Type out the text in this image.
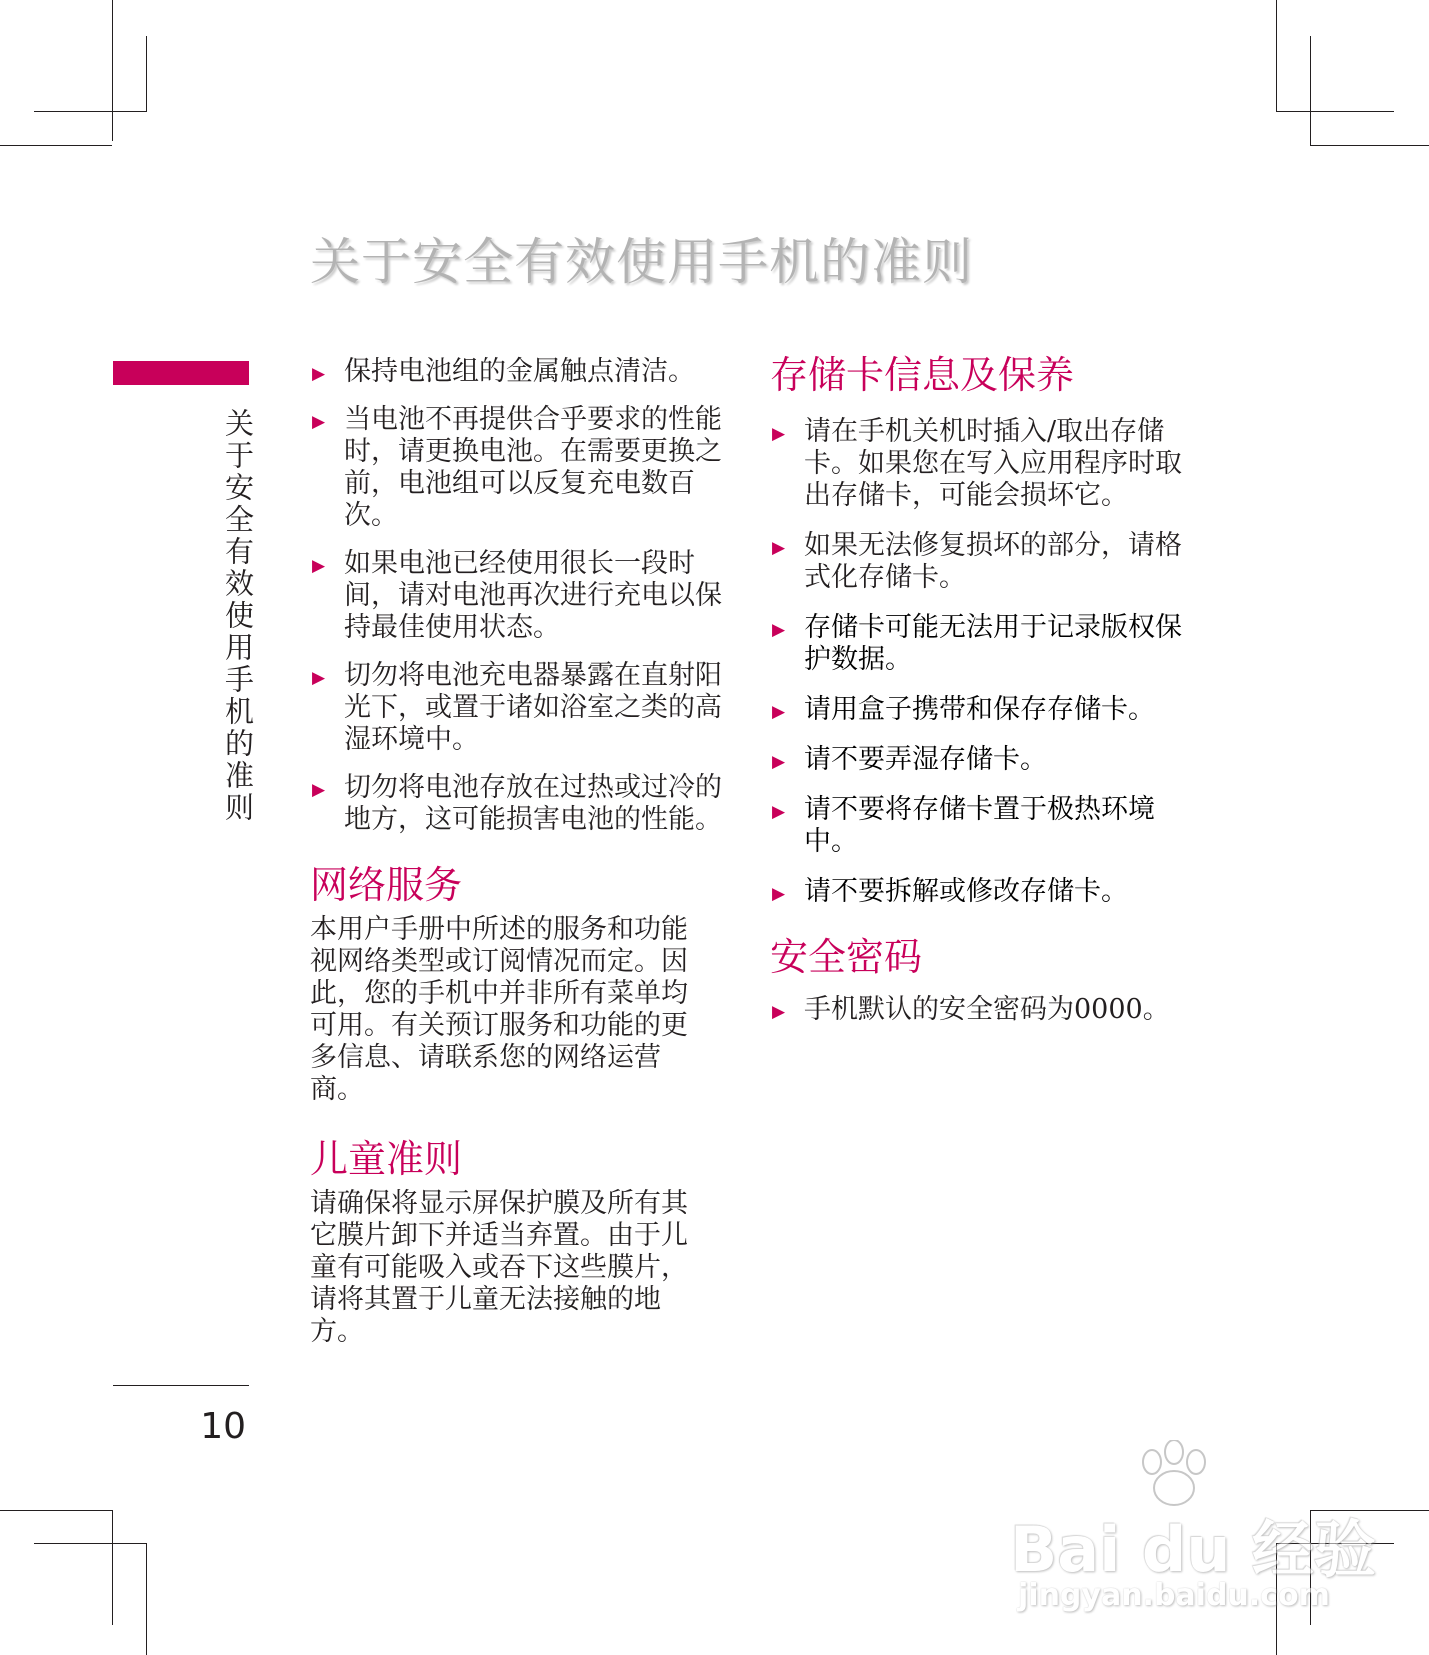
关于安全有效使用手机的准则
关于安全有效使用手机的准则
▶ 保持电池组的金属触点清洁。
▶ 当电池不再提供合乎要求的性能时，请更换电池。在需要更换之前，电池组可以反复充电数百次。
▶ 如果电池已经使用很长一段时间，请对电池再次进行充电以保持最佳使用状态。
▶ 切勿将电池充电器暴露在直射阳光下，或置于诸如浴室之类的高湿环境中。
▶ 切勿将电池存放在过热或过冷的地方，这可能损害电池的性能。
网络服务

本用户手册中所述的服务和功能视网络类型或订阅情况而定。因此，您的手机中并非所有菜单均可用。有关预订服务和功能的更多信息、请联系您的网络运营商。

儿童准则

请确保将显示屏保护膜及所有其它膜片卸下并适当弃置。由于儿童有可能吸入或吞下这些膜片，请将其置于儿童无法接触的地方。

存储卡信息及保养
▶ 请在手机关机时插入/取出存储卡。如果您在写入应用程序时取出存储卡，可能会损坏它。
▶ 如果无法修复损坏的部分，请格式化存储卡。
▶ 存储卡可能无法用于记录版权保护数据。
▶ 请用盒子携带和保存存储卡。
▶ 请不要弄湿存储卡。
▶ 请不要将存储卡置于极热环境中。
▶ 请不要拆解或修改存储卡。
安全密码
▶ 手机默认的安全密码为0000。
10
Bai du 经验
jingyan.baidu.com
